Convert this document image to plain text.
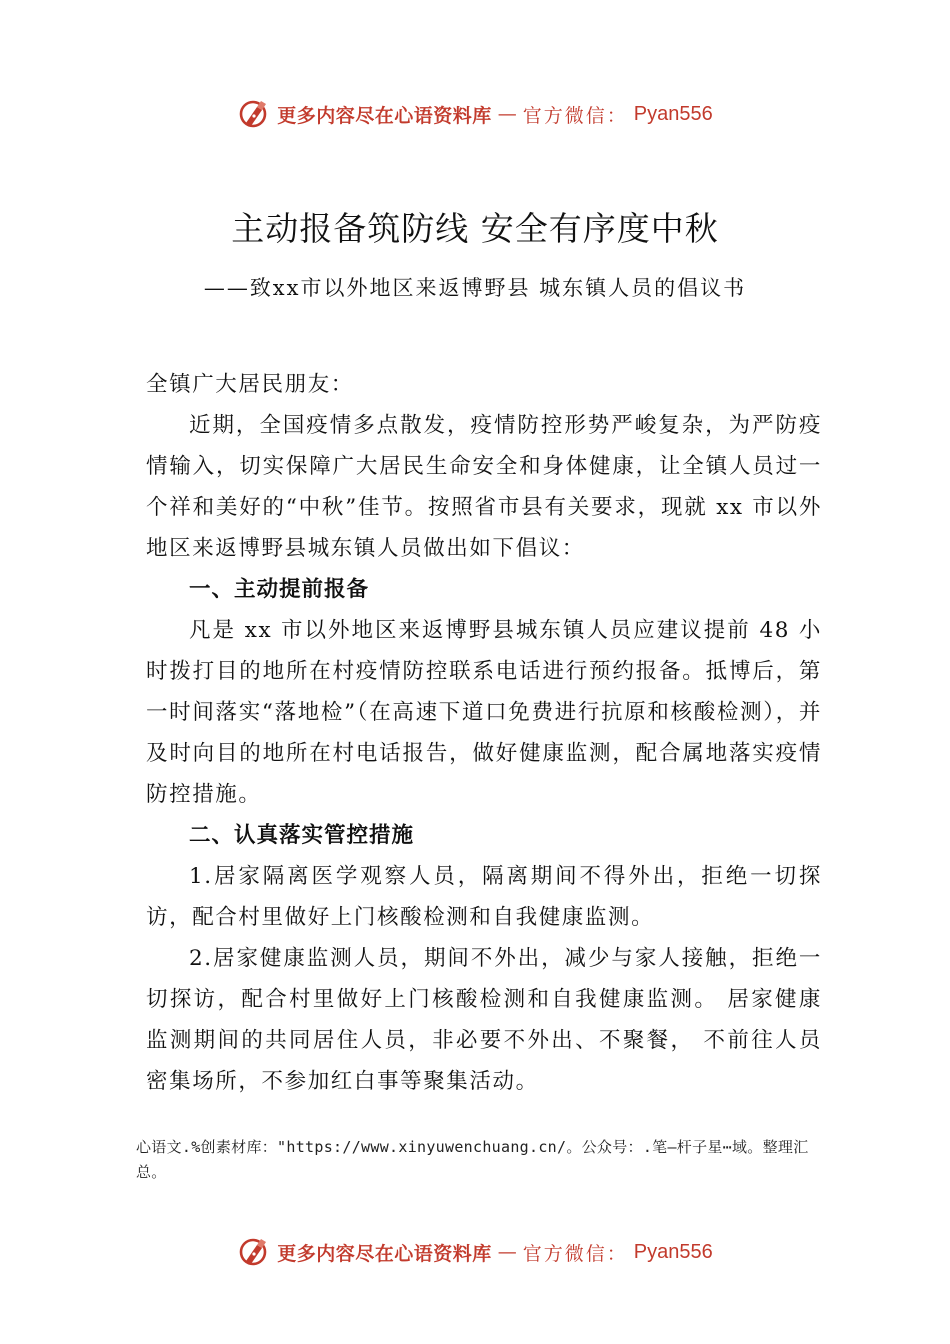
更多内容尽在心语资料库 — 官方微信： Pyan556
主动报备筑防线 安全有序度中秋
——致xx市以外地区来返博野县 城东镇人员的倡议书

全镇广大居民朋友：

近期，全国疫情多点散发，疫情防控形势严峻复杂，为严防疫情输入，切实保障广大居民生命安全和身体健康，让全镇人员过一个祥和美好的“中秋”佳节。按照省市县有关要求，现就 xx 市以外地区来返博野县城东镇人员做出如下倡议：

一、主动提前报备

凡是 xx 市以外地区来返博野县城东镇人员应建议提前 48 小时拨打目的地所在村疫情防控联系电话进行预约报备。抵博后，第一时间落实“落地检”（在高速下道口免费进行抗原和核酸检测），并及时向目的地所在村电话报告，做好健康监测，配合属地落实疫情防控措施。

二、认真落实管控措施

1.居家隔离医学观察人员，隔离期间不得外出，拒绝一切探访，配合村里做好上门核酸检测和自我健康监测。

2.居家健康监测人员，期间不外出，减少与家人接触，拒绝一切探访，配合村里做好上门核酸检测和自我健康监测。 居家健康监测期间的共同居住人员，非必要不外出、不聚餐， 不前往人员密集场所，不参加红白事等聚集活动。

心语文.%创素材库："https://www.xinyuwenchuang.cn/。公众号：.笔—杆子星⋯域。整理汇总。
更多内容尽在心语资料库 — 官方微信： Pyan556
